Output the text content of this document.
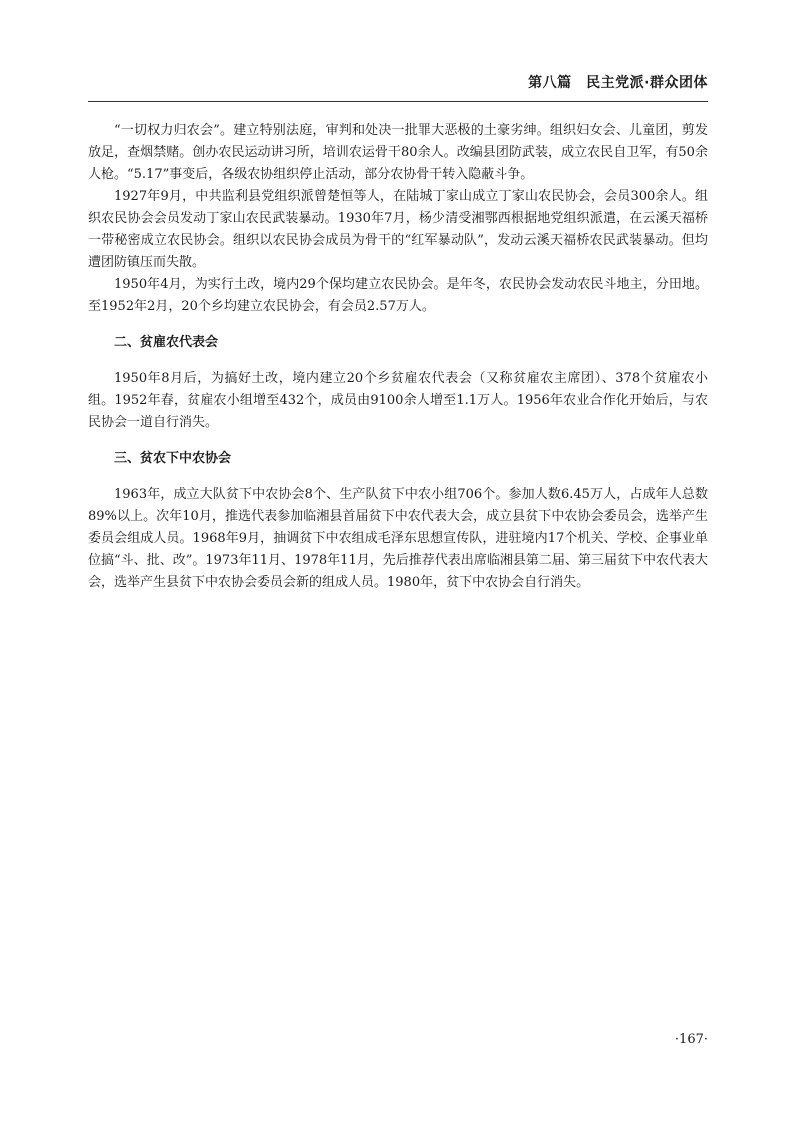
第八篇　民主党派·群众团体

“一切权力归农会”。建立特别法庭，审判和处决一批罪大恶极的土豪劣绅。组织妇女会、儿童团，剪发放足，查烟禁赌。创办农民运动讲习所，培训农运骨干80余人。改编县团防武装，成立农民自卫军，有50余人枪。“5.17”事变后，各级农协组织停止活动，部分农协骨干转入隐蔽斗争。

1927年9月，中共监利县党组织派曾楚恒等人，在陆城丁家山成立丁家山农民协会，会员300余人。组织农民协会会员发动丁家山农民武装暴动。1930年7月，杨少清受湘鄂西根据地党组织派遣，在云溪天福桥一带秘密成立农民协会。组织以农民协会成员为骨干的“红军暴动队”，发动云溪天福桥农民武装暴动。但均遭团防镇压而失散。

1950年4月，为实行土改，境内29个保均建立农民协会。是年冬，农民协会发动农民斗地主，分田地。至1952年2月，20个乡均建立农民协会，有会员2.57万人。

二、贫雇农代表会

1950年8月后，为搞好土改，境内建立20个乡贫雇农代表会（又称贫雇农主席团）、378个贫雇农小组。1952年春，贫雇农小组增至432个，成员由9100余人增至1.1万人。1956年农业合作化开始后，与农民协会一道自行消失。

三、贫农下中农协会

1963年，成立大队贫下中农协会8个、生产队贫下中农小组706个。参加人数6.45万人，占成年人总数89%以上。次年10月，推选代表参加临湘县首届贫下中农代表大会，成立县贫下中农协会委员会，选举产生委员会组成人员。1968年9月，抽调贫下中农组成毛泽东思想宣传队，进驻境内17个机关、学校、企事业单位搞“斗、批、改”。1973年11月、1978年11月，先后推荐代表出席临湘县第二届、第三届贫下中农代表大会，选举产生县贫下中农协会委员会新的组成人员。1980年，贫下中农协会自行消失。

·167·
